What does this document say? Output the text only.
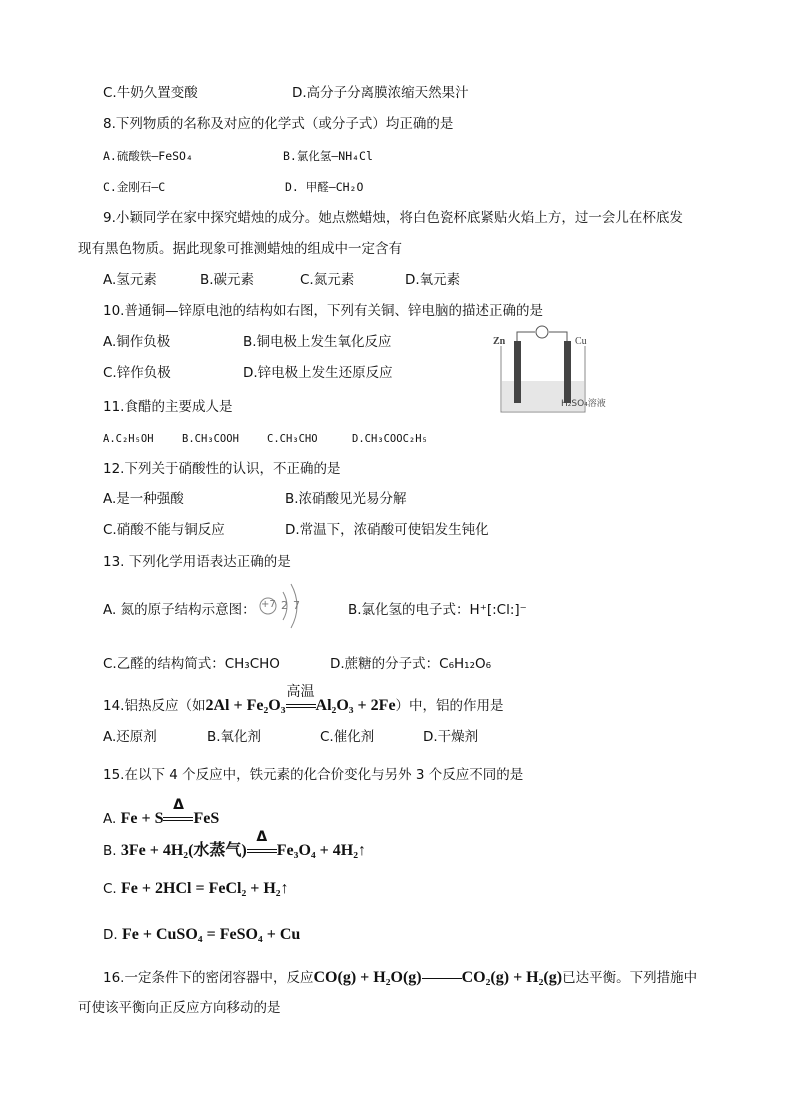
C.牛奶久置变酸	D.高分子分离膜浓缩天然果汁
8.下列物质的名称及对应的化学式（或分子式）均正确的是
A.硫酸铁—FeSO₄	B.氯化氢—NH₄Cl
C.金刚石—C	D. 甲醛—CH₂O
9.小颖同学在家中探究蜡烛的成分。她点燃蜡烛，将白色瓷杯底紧贴火焰上方，过一会儿在杯底发
现有黑色物质。据此现象可推测蜡烛的组成中一定含有
A.氢元素	B.碳元素	C.氮元素	D.氧元素
10.普通铜—锌原电池的结构如右图，下列有关铜、锌电脑的描述正确的是
A.铜作负极	B.铜电极上发生氧化反应
C.锌作负极	D.锌电极上发生还原反应
Zn	Cu
H₂SO₄溶液
11.食醋的主要成人是
A.C₂H₅OH	B.CH₃COOH	C.CH₃CHO	D.CH₃COOC₂H₅
12.下列关于硝酸性的认识，不正确的是
A.是一种强酸	B.浓硝酸见光易分解
C.硝酸不能与铜反应	D.常温下，浓硝酸可使铝发生钝化
13. 下列化学用语表达正确的是
A. 氮的原子结构示意图： +7 2 7	B.氯化氢的电子式：H⁺[:Cl:]⁻
C.乙醛的结构简式：CH₃CHO	D.蔗糖的分子式：C₆H₁₂O₆
14.铝热反应（如2Al + Fe₂O₃
高温
Al₂O₃ + 2Fe）中，铝的作用是
A.还原剂	B.氧化剂	C.催化剂	D.干燥剂
15.在以下 4 个反应中，铁元素的化合价变化与另外 3 个反应不同的是
A. Fe + S
Δ
FeS
B. 3Fe + 4H₂(水蒸气)
Δ
Fe₃O₄ + 4H₂↑
C. Fe + 2HCl = FeCl₂ + H₂↑
D. Fe + CuSO₄ = FeSO₄ + Cu
16.一定条件下的密闭容器中，反应CO(g) + H₂O(g)	CO₂(g) + H₂(g)已达平衡。下列措施中
可使该平衡向正反应方向移动的是
